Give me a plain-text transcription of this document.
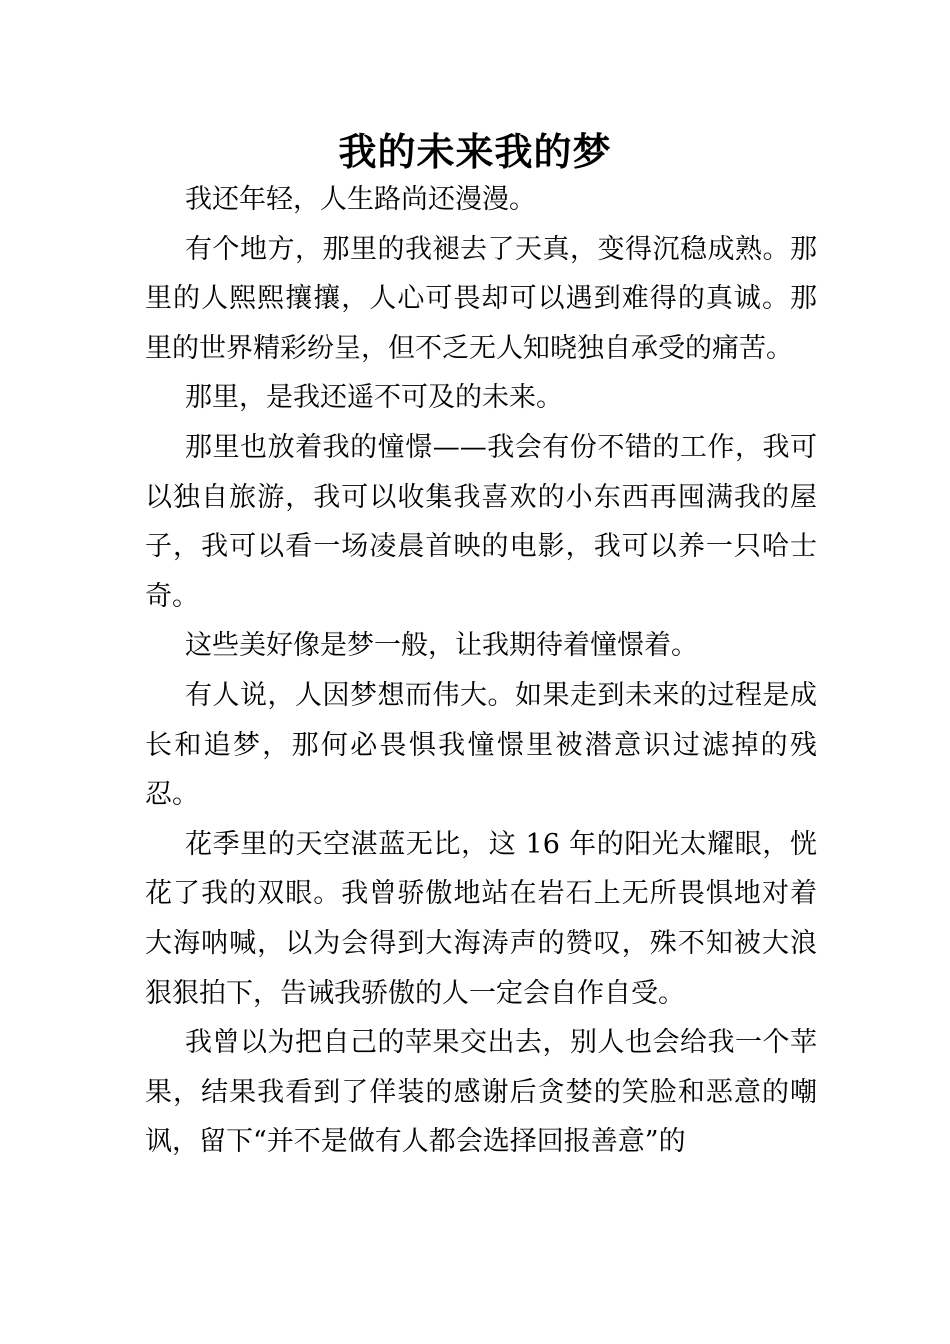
我的未来我的梦

我还年轻，人生路尚还漫漫。

有个地方，那里的我褪去了天真，变得沉稳成熟。那里的人熙熙攘攘，人心可畏却可以遇到难得的真诚。那里的世界精彩纷呈，但不乏无人知晓独自承受的痛苦。

那里，是我还遥不可及的未来。

那里也放着我的憧憬——我会有份不错的工作，我可以独自旅游，我可以收集我喜欢的小东西再囤满我的屋子，我可以看一场凌晨首映的电影，我可以养一只哈士奇。

这些美好像是梦一般，让我期待着憧憬着。

有人说，人因梦想而伟大。如果走到未来的过程是成长和追梦，那何必畏惧我憧憬里被潜意识过滤掉的残忍。

花季里的天空湛蓝无比，这 16 年的阳光太耀眼，恍花了我的双眼。我曾骄傲地站在岩石上无所畏惧地对着大海呐喊，以为会得到大海涛声的赞叹，殊不知被大浪狠狠拍下，告诫我骄傲的人一定会自作自受。

我曾以为把自己的苹果交出去，别人也会给我一个苹果，结果我看到了佯装的感谢后贪婪的笑脸和恶意的嘲讽，留下“并不是做有人都会选择回报善意”的
